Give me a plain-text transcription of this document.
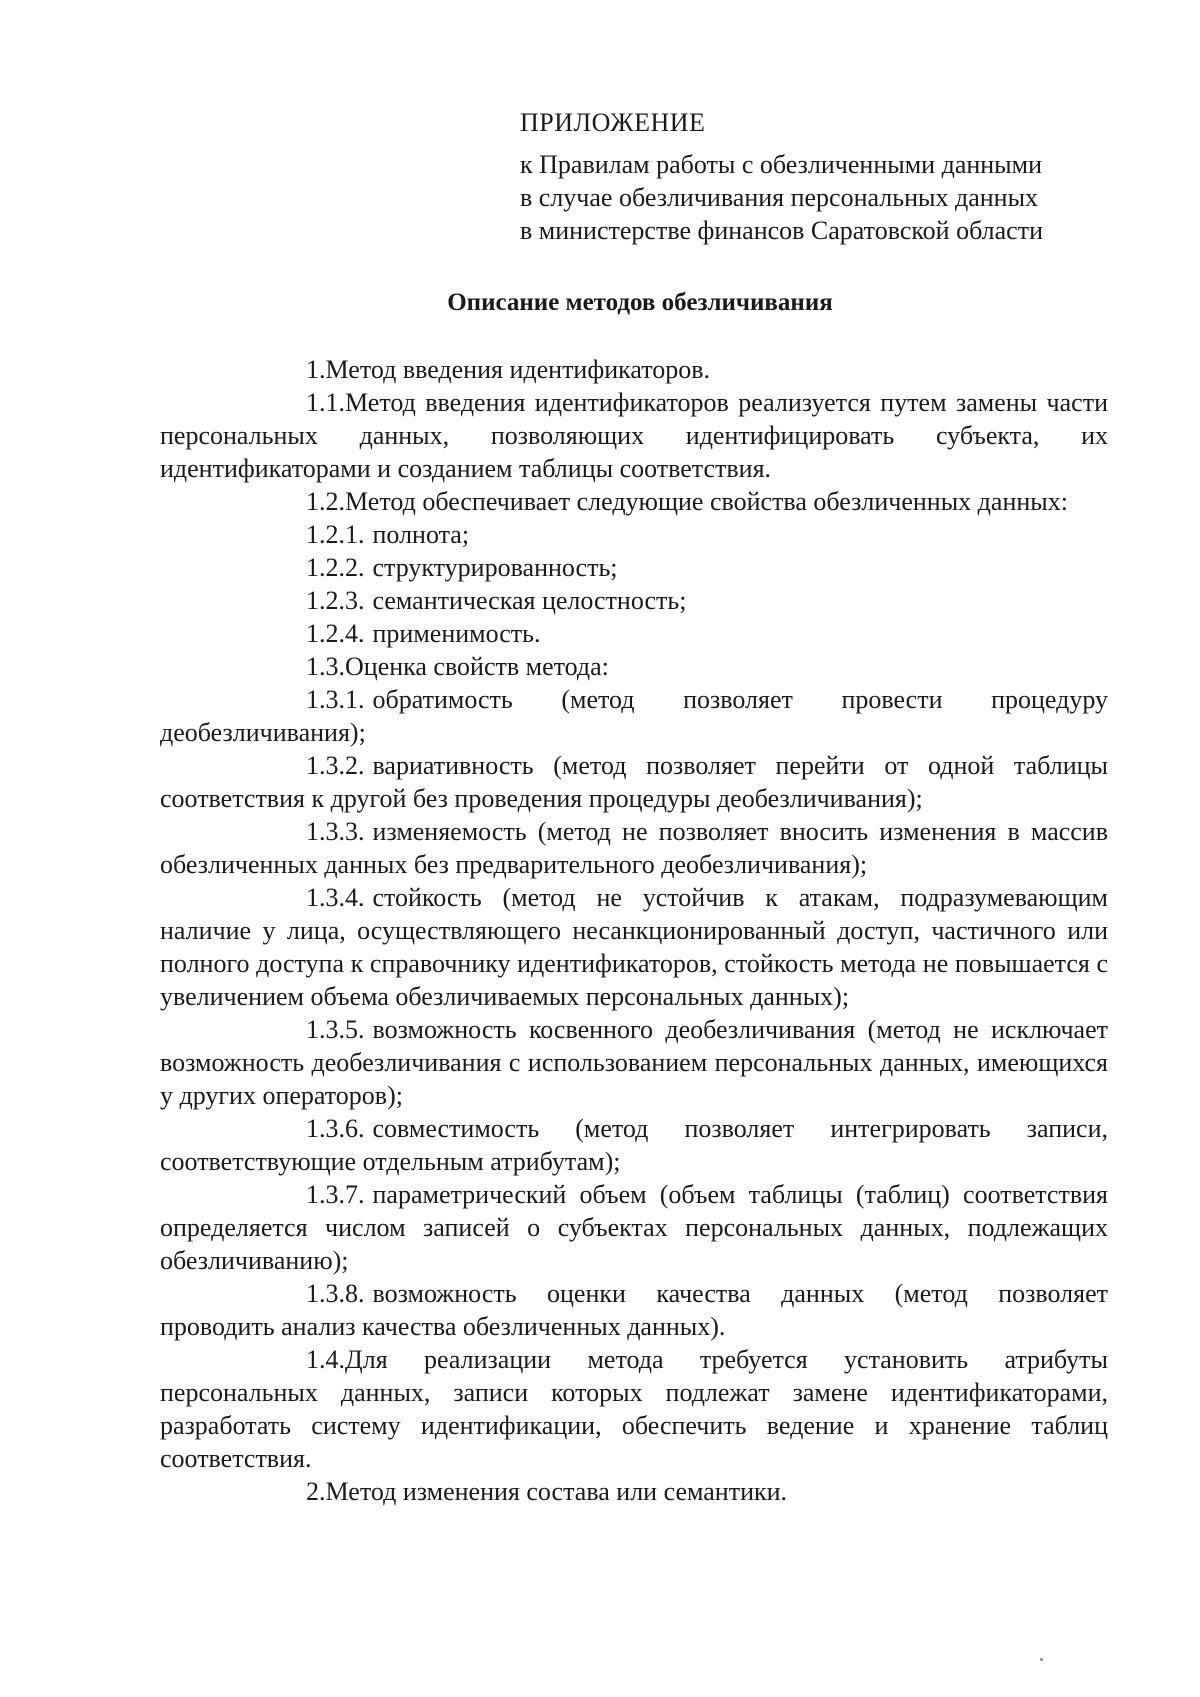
ПРИЛОЖЕНИЕ

к Правилам работы с обезличенными данными

в случае обезличивания персональных данных

в министерстве финансов Саратовской области

Описание методов обезличивания

1.Метод введения идентификаторов.

1.1.Метод введения идентификаторов реализуется путем замены части персональных данных, позволяющих идентифицировать субъекта, их идентификаторами и созданием таблицы соответствия.

1.2.Метод обеспечивает следующие свойства обезличенных данных:

1.2.1. полнота;

1.2.2. структурированность;

1.2.3. семантическая целостность;

1.2.4. применимость.

1.3.Оценка свойств метода:

1.3.1. обратимость (метод позволяет провести процедуру деобезличивания);

1.3.2. вариативность (метод позволяет перейти от одной таблицы соответствия к другой без проведения процедуры деобезличивания);

1.3.3. изменяемость (метод не позволяет вносить изменения в массив обезличенных данных без предварительного деобезличивания);

1.3.4. стойкость (метод не устойчив к атакам, подразумевающим наличие у лица, осуществляющего несанкционированный доступ, частичного или полного доступа к справочнику идентификаторов, стойкость метода не повышается с увеличением объема обезличиваемых персональных данных);

1.3.5. возможность косвенного деобезличивания (метод не исключает возможность деобезличивания с использованием персональных данных, имеющихся у других операторов);

1.3.6. совместимость (метод позволяет интегрировать записи, соответствующие отдельным атрибутам);

1.3.7. параметрический объем (объем таблицы (таблиц) соответствия определяется числом записей о субъектах персональных данных, подлежащих обезличиванию);

1.3.8. возможность оценки качества данных (метод позволяет проводить анализ качества обезличенных данных).

1.4.Для реализации метода требуется установить атрибуты персональных данных, записи которых подлежат замене идентификаторами, разработать систему идентификации, обеспечить ведение и хранение таблиц соответствия.

2.Метод изменения состава или семантики.
